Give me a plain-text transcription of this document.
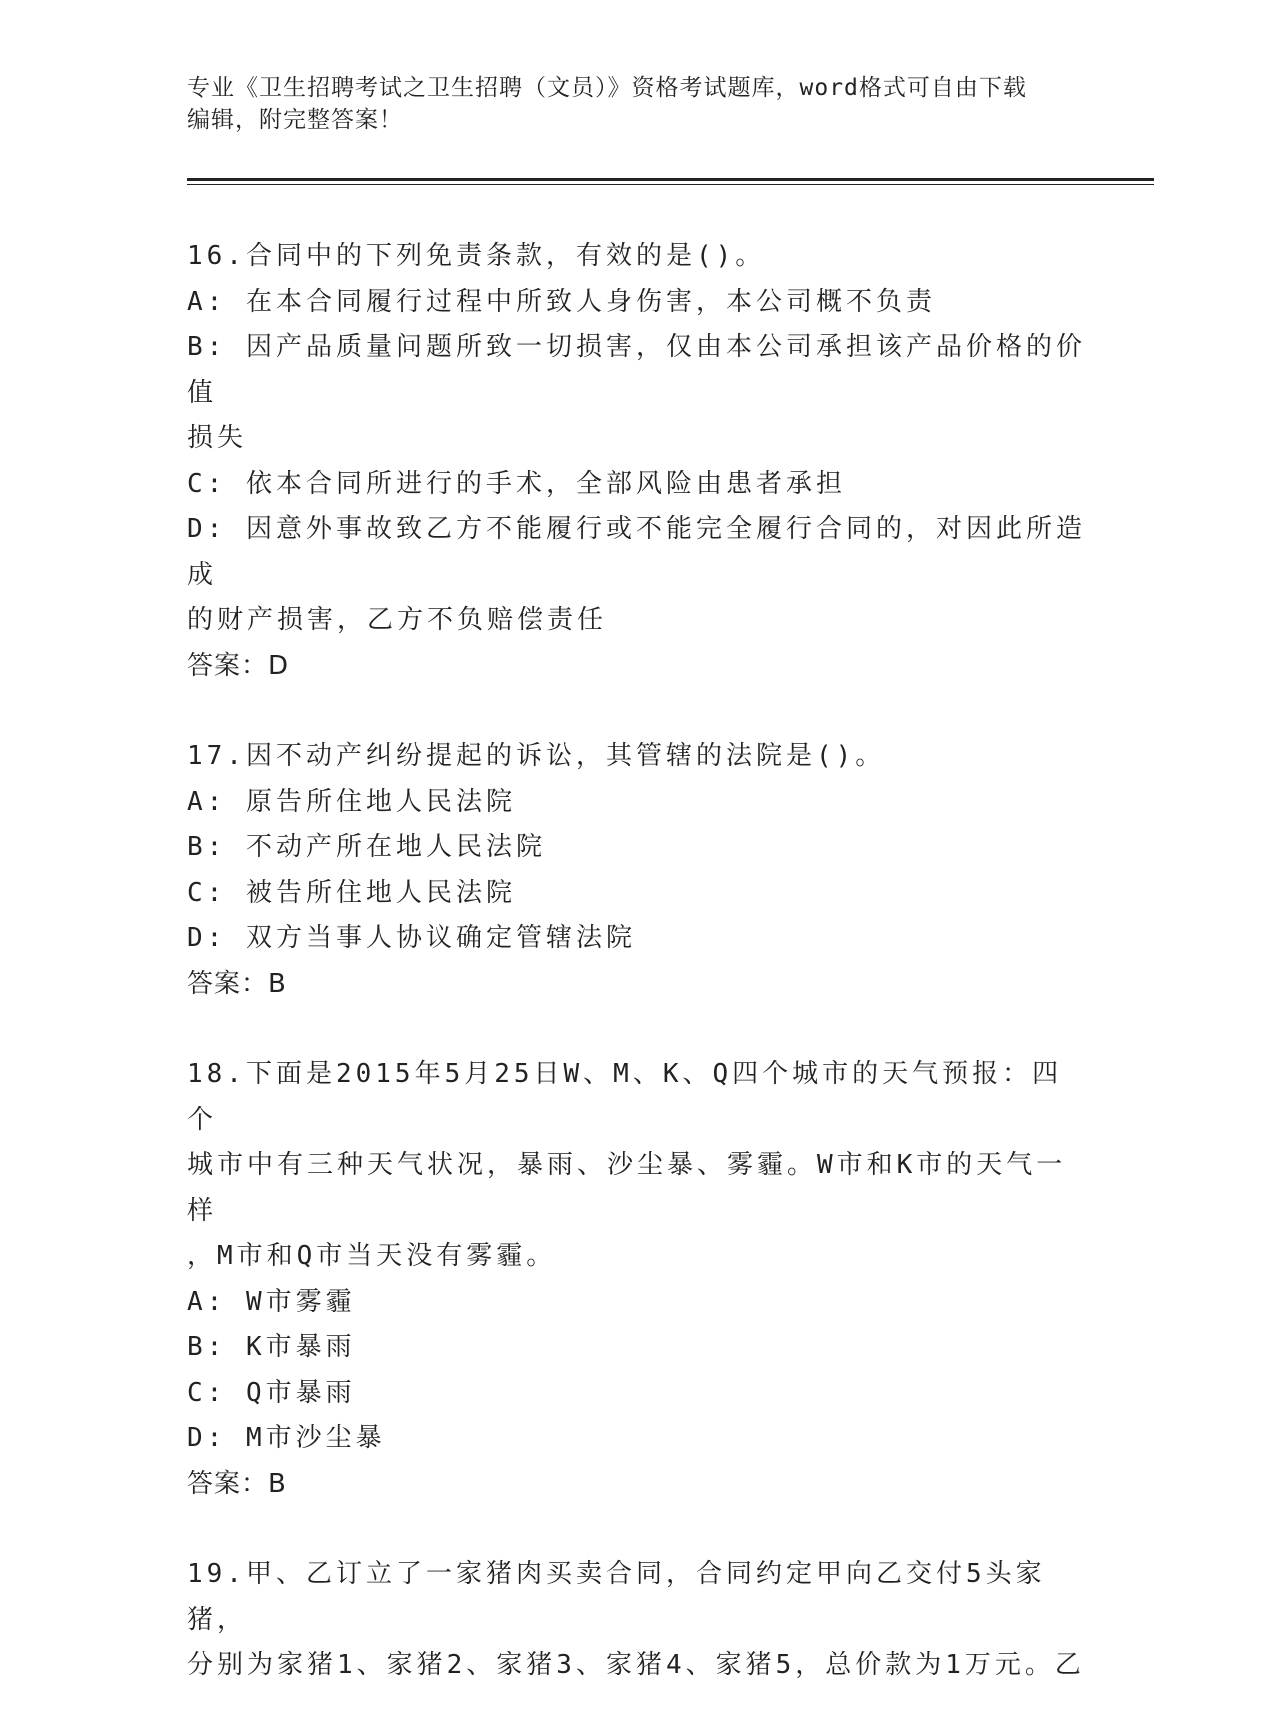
专业《卫生招聘考试之卫生招聘（文员）》资格考试题库，word格式可自由下载

编辑，附完整答案！

16.合同中的下列免责条款，有效的是()。

A: 在本合同履行过程中所致人身伤害，本公司概不负责

B: 因产品质量问题所致一切损害，仅由本公司承担该产品价格的价值

损失

C: 依本合同所进行的手术，全部风险由患者承担

D: 因意外事故致乙方不能履行或不能完全履行合同的，对因此所造成

的财产损害，乙方不负赔偿责任

答案：D

17.因不动产纠纷提起的诉讼，其管辖的法院是()。

A: 原告所住地人民法院

B: 不动产所在地人民法院

C: 被告所住地人民法院

D: 双方当事人协议确定管辖法院

答案：B

18.下面是2015年5月25日W、M、K、Q四个城市的天气预报：四个

城市中有三种天气状况，暴雨、沙尘暴、雾霾。W市和K市的天气一样

，M市和Q市当天没有雾霾。

A: W市雾霾

B: K市暴雨

C: Q市暴雨

D: M市沙尘暴

答案：B

19.甲、乙订立了一家猪肉买卖合同，合同约定甲向乙交付5头家猪，

分别为家猪1、家猪2、家猪3、家猪4、家猪5，总价款为1万元。乙
